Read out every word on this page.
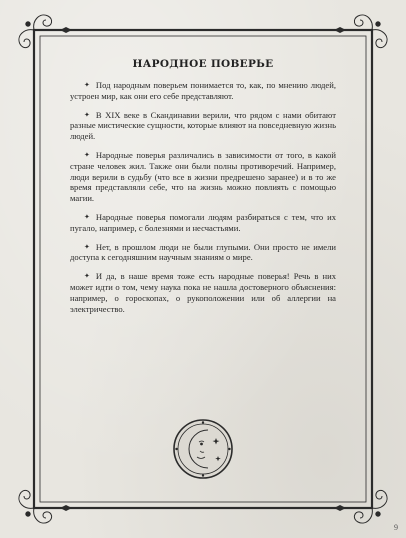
НАРОДНОЕ ПОВЕРЬЕ

✦ Под народным поверьем понимается то, как, по мнению людей, устроен мир, как они его себе представляют.

✦ В XIX веке в Скандинавии верили, что рядом с нами обитают разные мистические сущности, которые влияют на повседневную жизнь людей.

✦ Народные поверья различались в зависимости от того, в какой стране человек жил. Также они были полны противоречий. Например, люди верили в судьбу (что все в жизни предрешено заранее) и в то же время представляли себе, что на жизнь можно повлиять с помощью магии.

✦ Народные поверья помогали людям разбираться с тем, что их пугало, например, с болезнями и несчастьями.

✦ Нет, в прошлом люди не были глупыми. Они просто не имели доступа к сегодняшним научным знаниям о мире.

✦ И да, в наше время тоже есть народные поверья! Речь в них может идти о том, чему наука пока не нашла достоверного объяснения: например, о гороскопах, о рукоположении или об аллергии на электричество.

9
